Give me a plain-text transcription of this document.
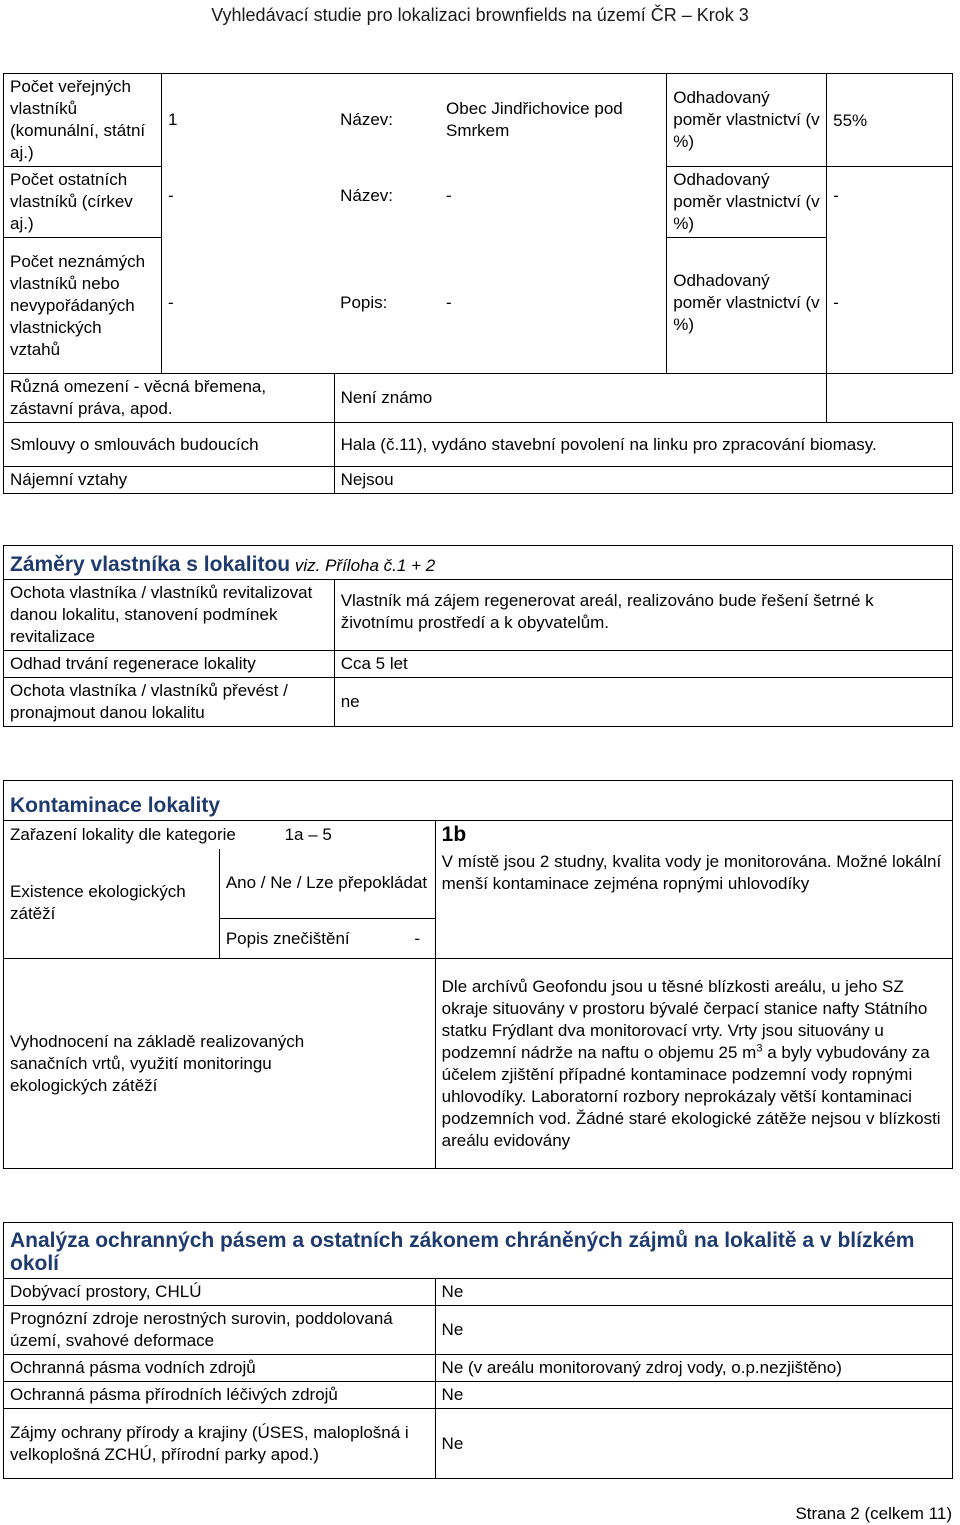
Vyhledávací studie pro lokalizaci brownfields na území ČR – Krok 3
Počet veřejných vlastníků (komunální, státní aj.)	1	Název:	Obec Jindřichovice pod Smrkem	Odhadovaný poměr vlastnictví (v %)	55%
Počet ostatních vlastníků (církev aj.)	-	Název:	-	Odhadovaný poměr vlastnictví (v %)	-
Počet neznámých vlastníků nebo nevypořádaných vlastnických vztahů	-	Popis:	-	Odhadovaný poměr vlastnictví (v %)	-
Různá omezení - věcná břemena, zástavní práva, apod.		Není známo			
Smlouvy o smlouvách budoucích		Hala (č.11), vydáno stavební povolení na linku pro zpracování biomasy.			
Nájemní vztahy		Nejsou			
Záměry vlastníka s lokalitou viz. Příloha č.1 + 2	
Ochota vlastníka / vlastníků revitalizovat danou lokalitu, stanovení podmínek revitalizace	Vlastník má zájem regenerovat areál, realizováno bude řešení šetrné k životnímu prostředí a k obyvatelům.
Odhad trvání regenerace lokality	Cca 5 let
Ochota vlastníka / vlastníků převést / pronajmout danou lokalitu	ne
Kontaminace lokality		
Zařazení lokality dle kategorie 1a – 5		1b
Existence ekologických zátěží	Ano / Ne / Lze přepokládat	V místě jsou 2 studny, kvalita vody je monitorována. Možné lokální menší kontaminace zejména ropnými uhlovodíky
	Popis znečištění -	
Vyhodnocení na základě realizovaných sanačních vrtů, využití monitoringu ekologických zátěží		Dle archívů Geofondu jsou u těsné blízkosti areálu, u jeho SZ okraje situovány v prostoru bývalé čerpací stanice nafty Státního statku Frýdlant dva monitorovací vrty. Vrty jsou situovány u podzemní nádrže na naftu o objemu 25 $m^3$ a byly vybudovány za účelem zjištění případné kontaminace podzemní vody ropnými uhlovodíky. Laboratorní rozbory neprokázaly větší kontaminaci podzemních vod. Žádné staré ekologické zátěže nejsou v blízkosti areálu evidovány
Analýza ochranných pásem a ostatních zákonem chráněných zájmů na lokalitě a v blízkém okolí	
Dobývací prostory, CHLÚ	Ne
Prognózní zdroje nerostných surovin, poddolovaná území, svahové deformace	Ne
Ochranná pásma vodních zdrojů	Ne (v areálu monitorovaný zdroj vody, o.p.nezjištěno)
Ochranná pásma přírodních léčivých zdrojů	Ne
Zájmy ochrany přírody a krajiny (ÚSES, maloplošná i velkoplošná ZCHÚ, přírodní parky apod.)	Ne
Strana 2 (celkem 11)
